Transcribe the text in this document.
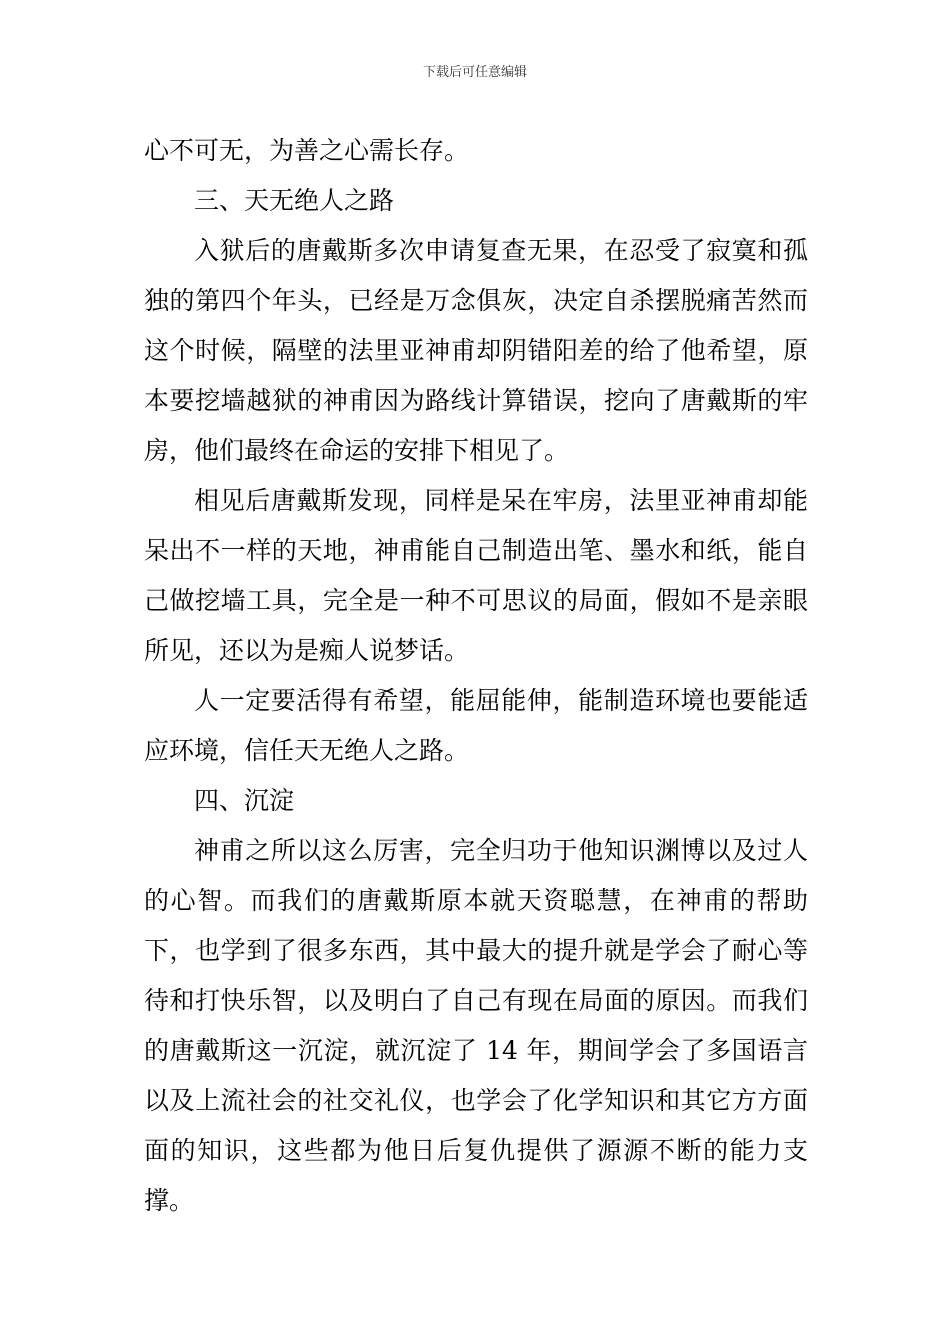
下载后可任意编辑

心不可无，为善之心需长存。

三、天无绝人之路

入狱后的唐戴斯多次申请复查无果，在忍受了寂寞和孤独的第四个年头，已经是万念俱灰，决定自杀摆脱痛苦然而这个时候，隔壁的法里亚神甫却阴错阳差的给了他希望，原本要挖墙越狱的神甫因为路线计算错误，挖向了唐戴斯的牢房，他们最终在命运的安排下相见了。

相见后唐戴斯发现，同样是呆在牢房，法里亚神甫却能呆出不一样的天地，神甫能自己制造出笔、墨水和纸，能自己做挖墙工具，完全是一种不可思议的局面，假如不是亲眼所见，还以为是痴人说梦话。

人一定要活得有希望，能屈能伸，能制造环境也要能适应环境，信任天无绝人之路。

四、沉淀

神甫之所以这么厉害，完全归功于他知识渊博以及过人的心智。而我们的唐戴斯原本就天资聪慧，在神甫的帮助下，也学到了很多东西，其中最大的提升就是学会了耐心等待和打快乐智，以及明白了自己有现在局面的原因。而我们的唐戴斯这一沉淀，就沉淀了 14 年，期间学会了多国语言以及上流社会的社交礼仪，也学会了化学知识和其它方方面面的知识，这些都为他日后复仇提供了源源不断的能力支撑。
